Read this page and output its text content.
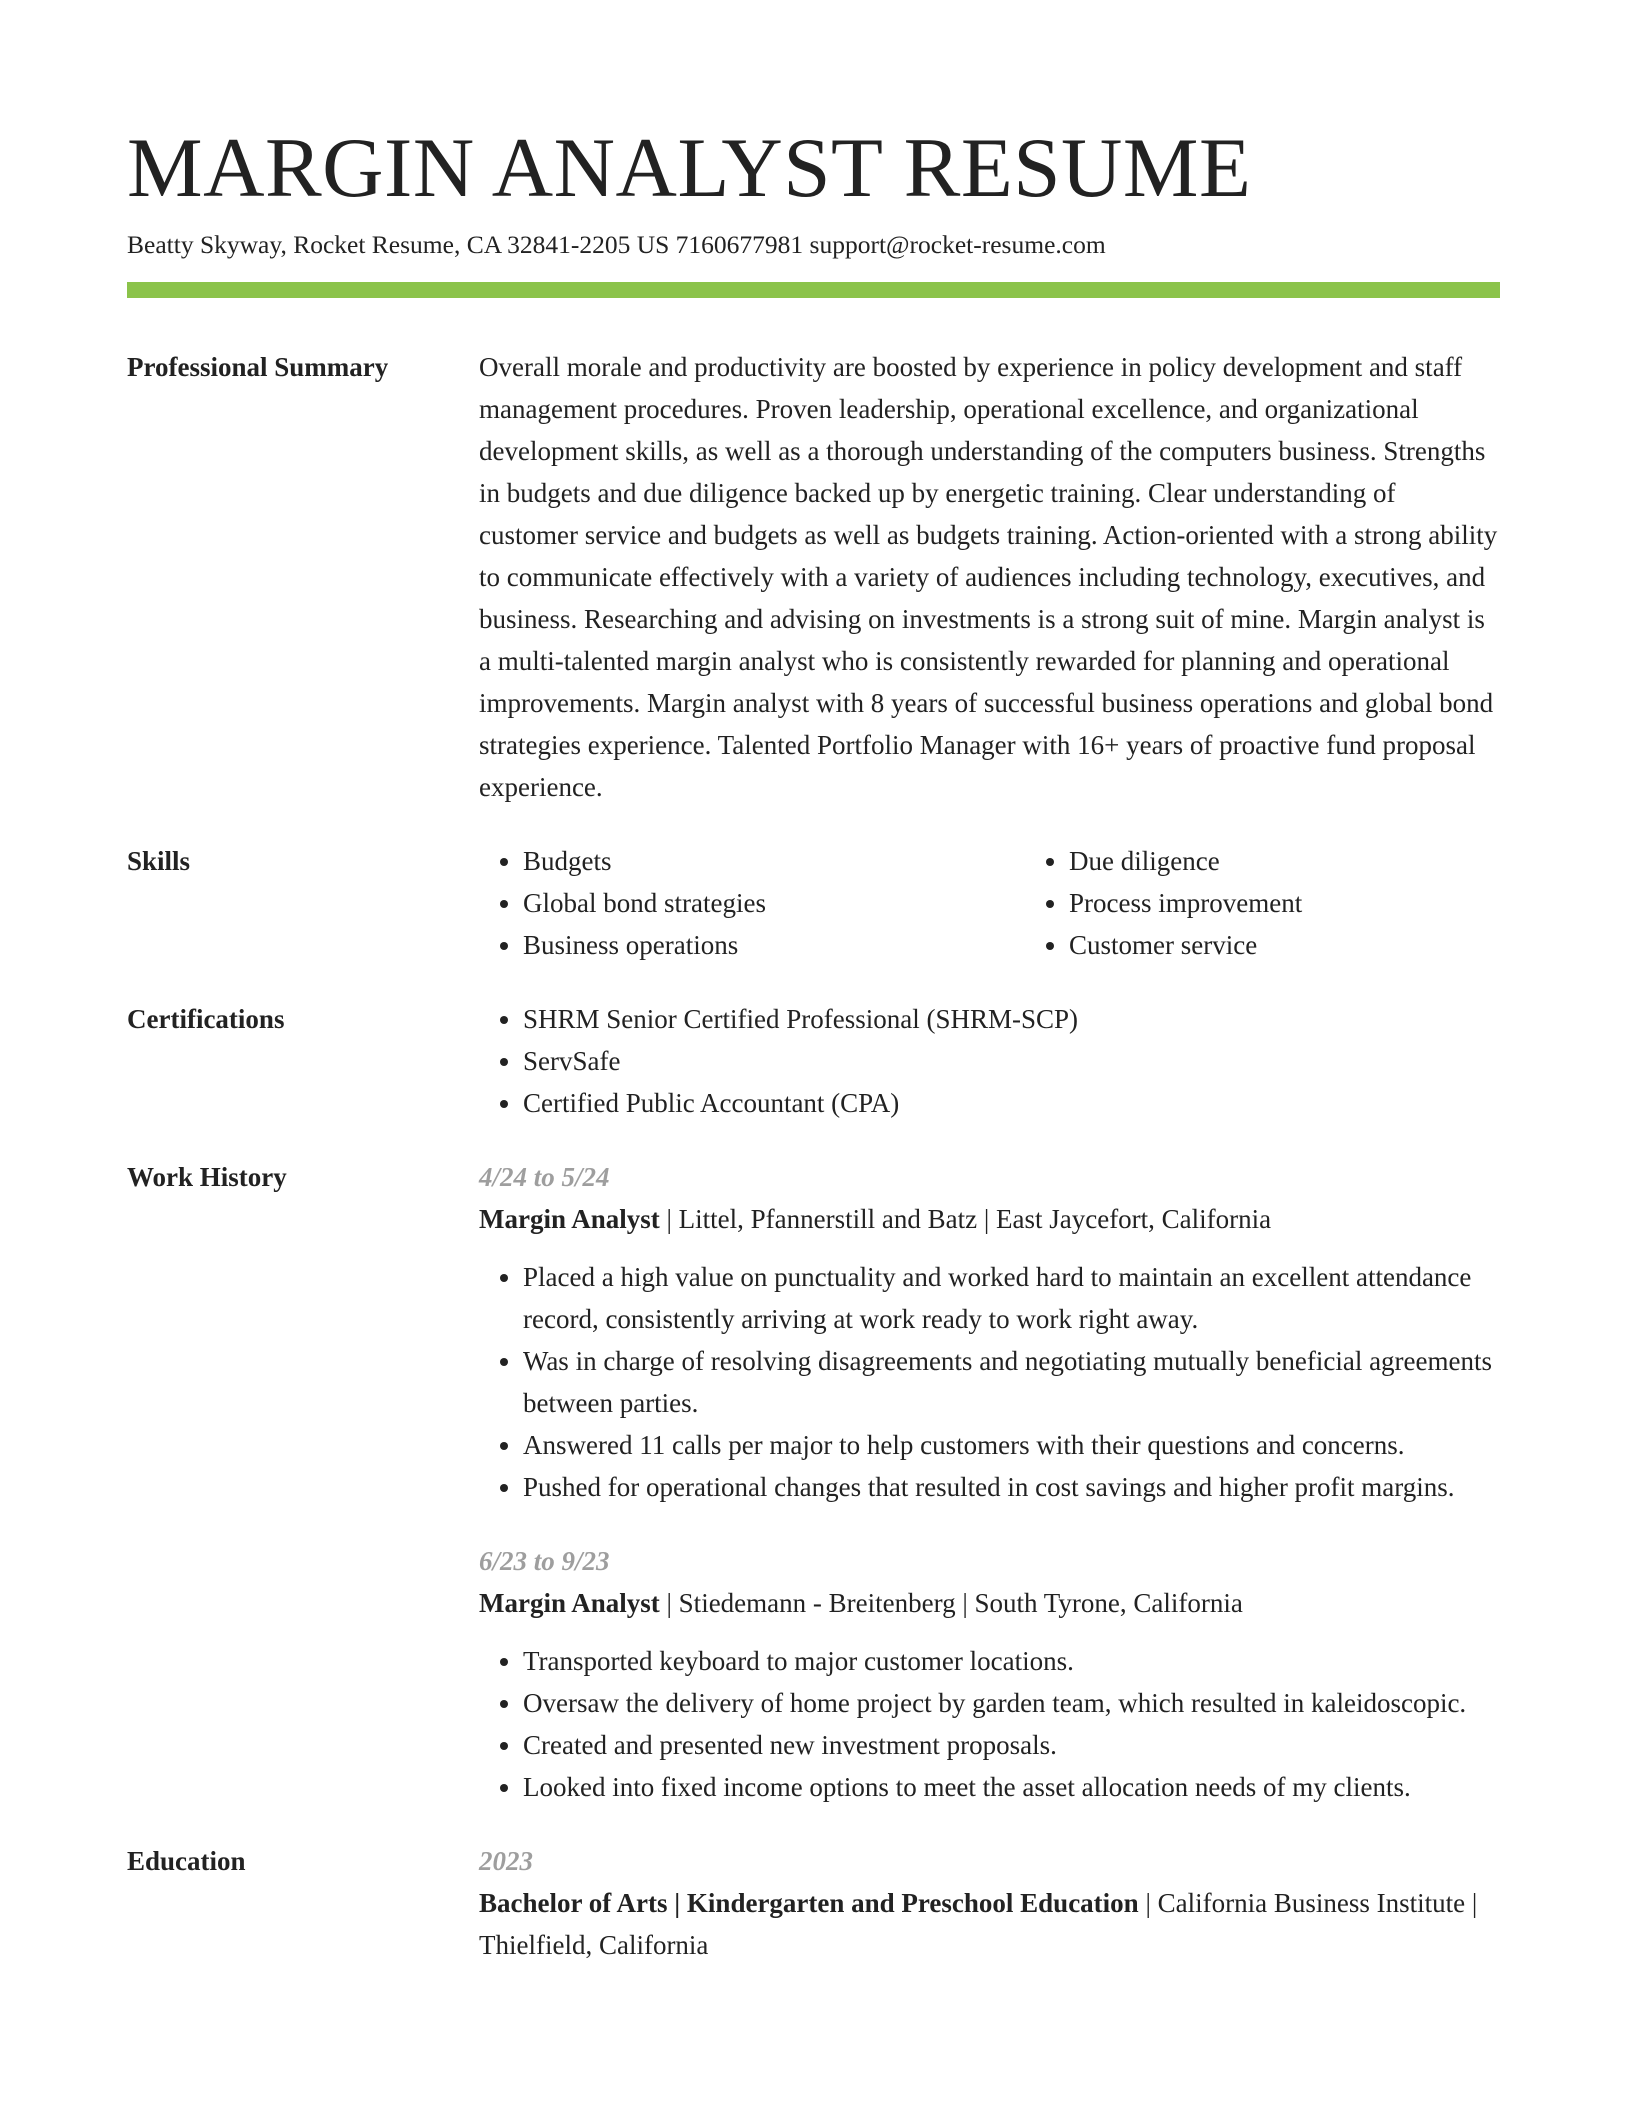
MARGIN ANALYST RESUME
Beatty Skyway, Rocket Resume, CA 32841-2205 US 7160677981 support@rocket-resume.com
Professional Summary	Overall morale and productivity are boosted by experience in policy development and staff management procedures. Proven leadership, operational excellence, and organizational development skills, as well as a thorough understanding of the computers business. Strengths in budgets and due diligence backed up by energetic training. Clear understanding of customer service and budgets as well as budgets training. Action-oriented with a strong ability to communicate effectively with a variety of audiences including technology, executives, and business. Researching and advising on investments is a strong suit of mine. Margin analyst is a multi-talented margin analyst who is consistently rewarded for planning and operational improvements. Margin analyst with 8 years of successful business operations and global bond strategies experience. Talented Portfolio Manager with 16+ years of proactive fund proposal experience.
Skills	• Budgets	• Due diligence
• Global bond strategies	• Process improvement
• Business operations	• Customer service
Certifications	• SHRM Senior Certified Professional (SHRM-SCP)
• ServSafe
• Certified Public Accountant (CPA)
Work History	4/24 to 5/24
Margin Analyst | Littel, Pfannerstill and Batz | East Jaycefort, California
• Placed a high value on punctuality and worked hard to maintain an excellent attendance record, consistently arriving at work ready to work right away.
• Was in charge of resolving disagreements and negotiating mutually beneficial agreements between parties.
• Answered 11 calls per major to help customers with their questions and concerns.
• Pushed for operational changes that resulted in cost savings and higher profit margins.
6/23 to 9/23
Margin Analyst | Stiedemann - Breitenberg | South Tyrone, California
• Transported keyboard to major customer locations.
• Oversaw the delivery of home project by garden team, which resulted in kaleidoscopic.
• Created and presented new investment proposals.
• Looked into fixed income options to meet the asset allocation needs of my clients.
Education	2023
Bachelor of Arts | Kindergarten and Preschool Education | California Business Institute | Thielfield, California
